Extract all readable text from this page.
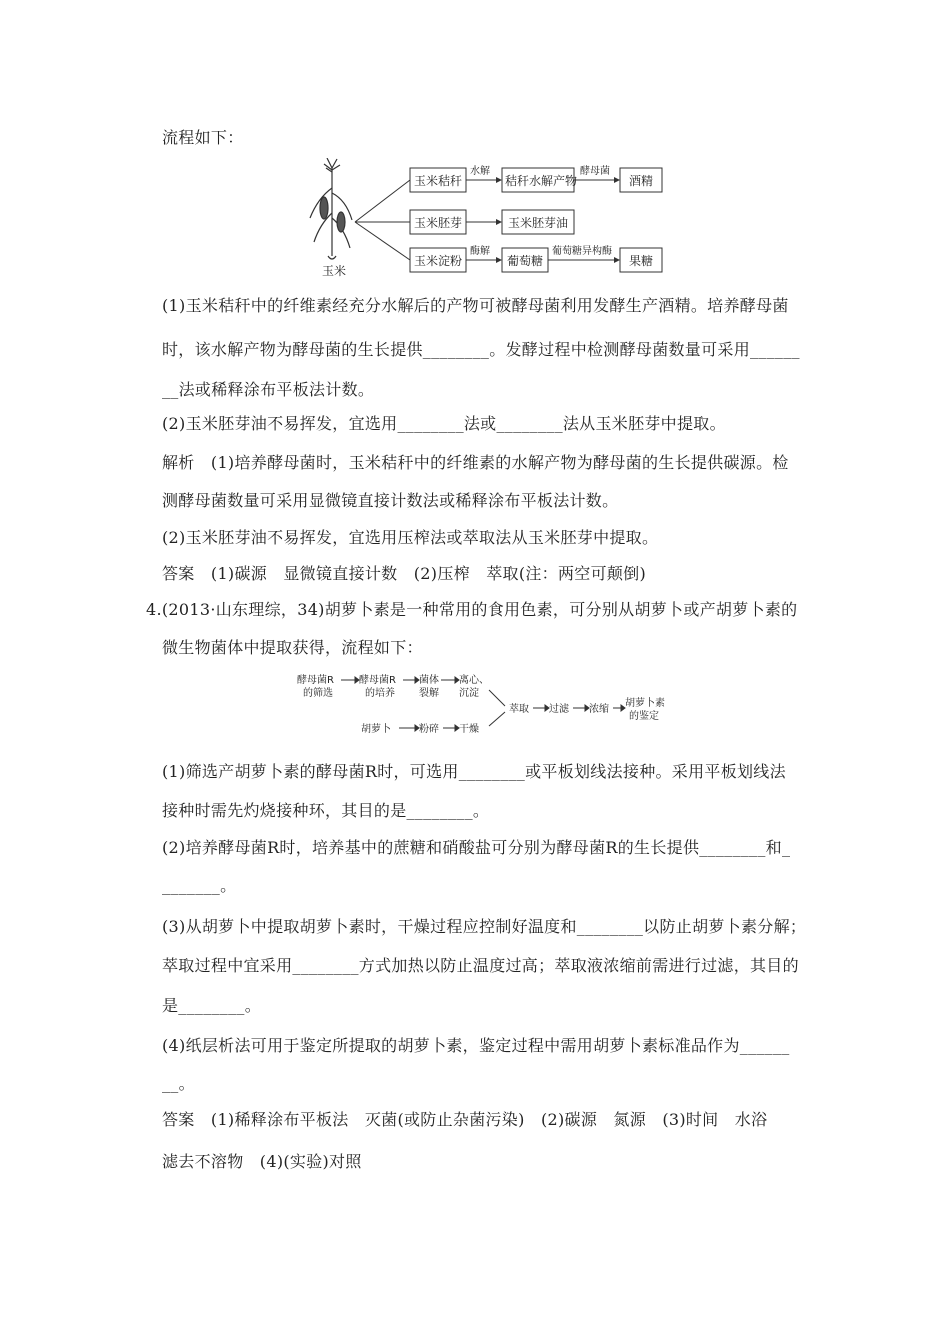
流程如下：
玉米
玉米秸秆
水解
秸秆水解产物
酵母菌
酒精
玉米胚芽	玉米胚芽油
玉米淀粉
酶解
葡萄糖
葡萄糖异构酶
果糖
(1)玉米秸秆中的纤维素经充分水解后的产物可被酵母菌利用发酵生产酒精。培养酵母菌
时，该水解产物为酵母菌的生长提供________。发酵过程中检测酵母菌数量可采用______
__法或稀释涂布平板法计数。
(2)玉米胚芽油不易挥发，宜选用________法或________法从玉米胚芽中提取。
解析　(1)培养酵母菌时，玉米秸秆中的纤维素的水解产物为酵母菌的生长提供碳源。检
测酵母菌数量可采用显微镜直接计数法或稀释涂布平板法计数。
(2)玉米胚芽油不易挥发，宜选用压榨法或萃取法从玉米胚芽中提取。
答案　(1)碳源　显微镜直接计数　(2)压榨　萃取(注：两空可颠倒)
4.(2013·山东理综，34)胡萝卜素是一种常用的食用色素，可分别从胡萝卜或产胡萝卜素的
微生物菌体中提取获得，流程如下：
酵母菌R
的筛选
酵母菌R
的培养
菌体
裂解
离心、
沉淀
胡萝卜	粉碎 干燥
萃取 过滤 浓缩
胡萝卜素
的鉴定
(1)筛选产胡萝卜素的酵母菌R时，可选用________或平板划线法接种。采用平板划线法
接种时需先灼烧接种环，其目的是________。
(2)培养酵母菌R时，培养基中的蔗糖和硝酸盐可分别为酵母菌R的生长提供________和_
_______。
(3)从胡萝卜中提取胡萝卜素时，干燥过程应控制好温度和________以防止胡萝卜素分解；
萃取过程中宜采用________方式加热以防止温度过高；萃取液浓缩前需进行过滤，其目的
是________。
(4)纸层析法可用于鉴定所提取的胡萝卜素，鉴定过程中需用胡萝卜素标准品作为______
__。
答案　(1)稀释涂布平板法　灭菌(或防止杂菌污染)　(2)碳源　氮源　(3)时间　水浴
滤去不溶物　(4)(实验)对照
